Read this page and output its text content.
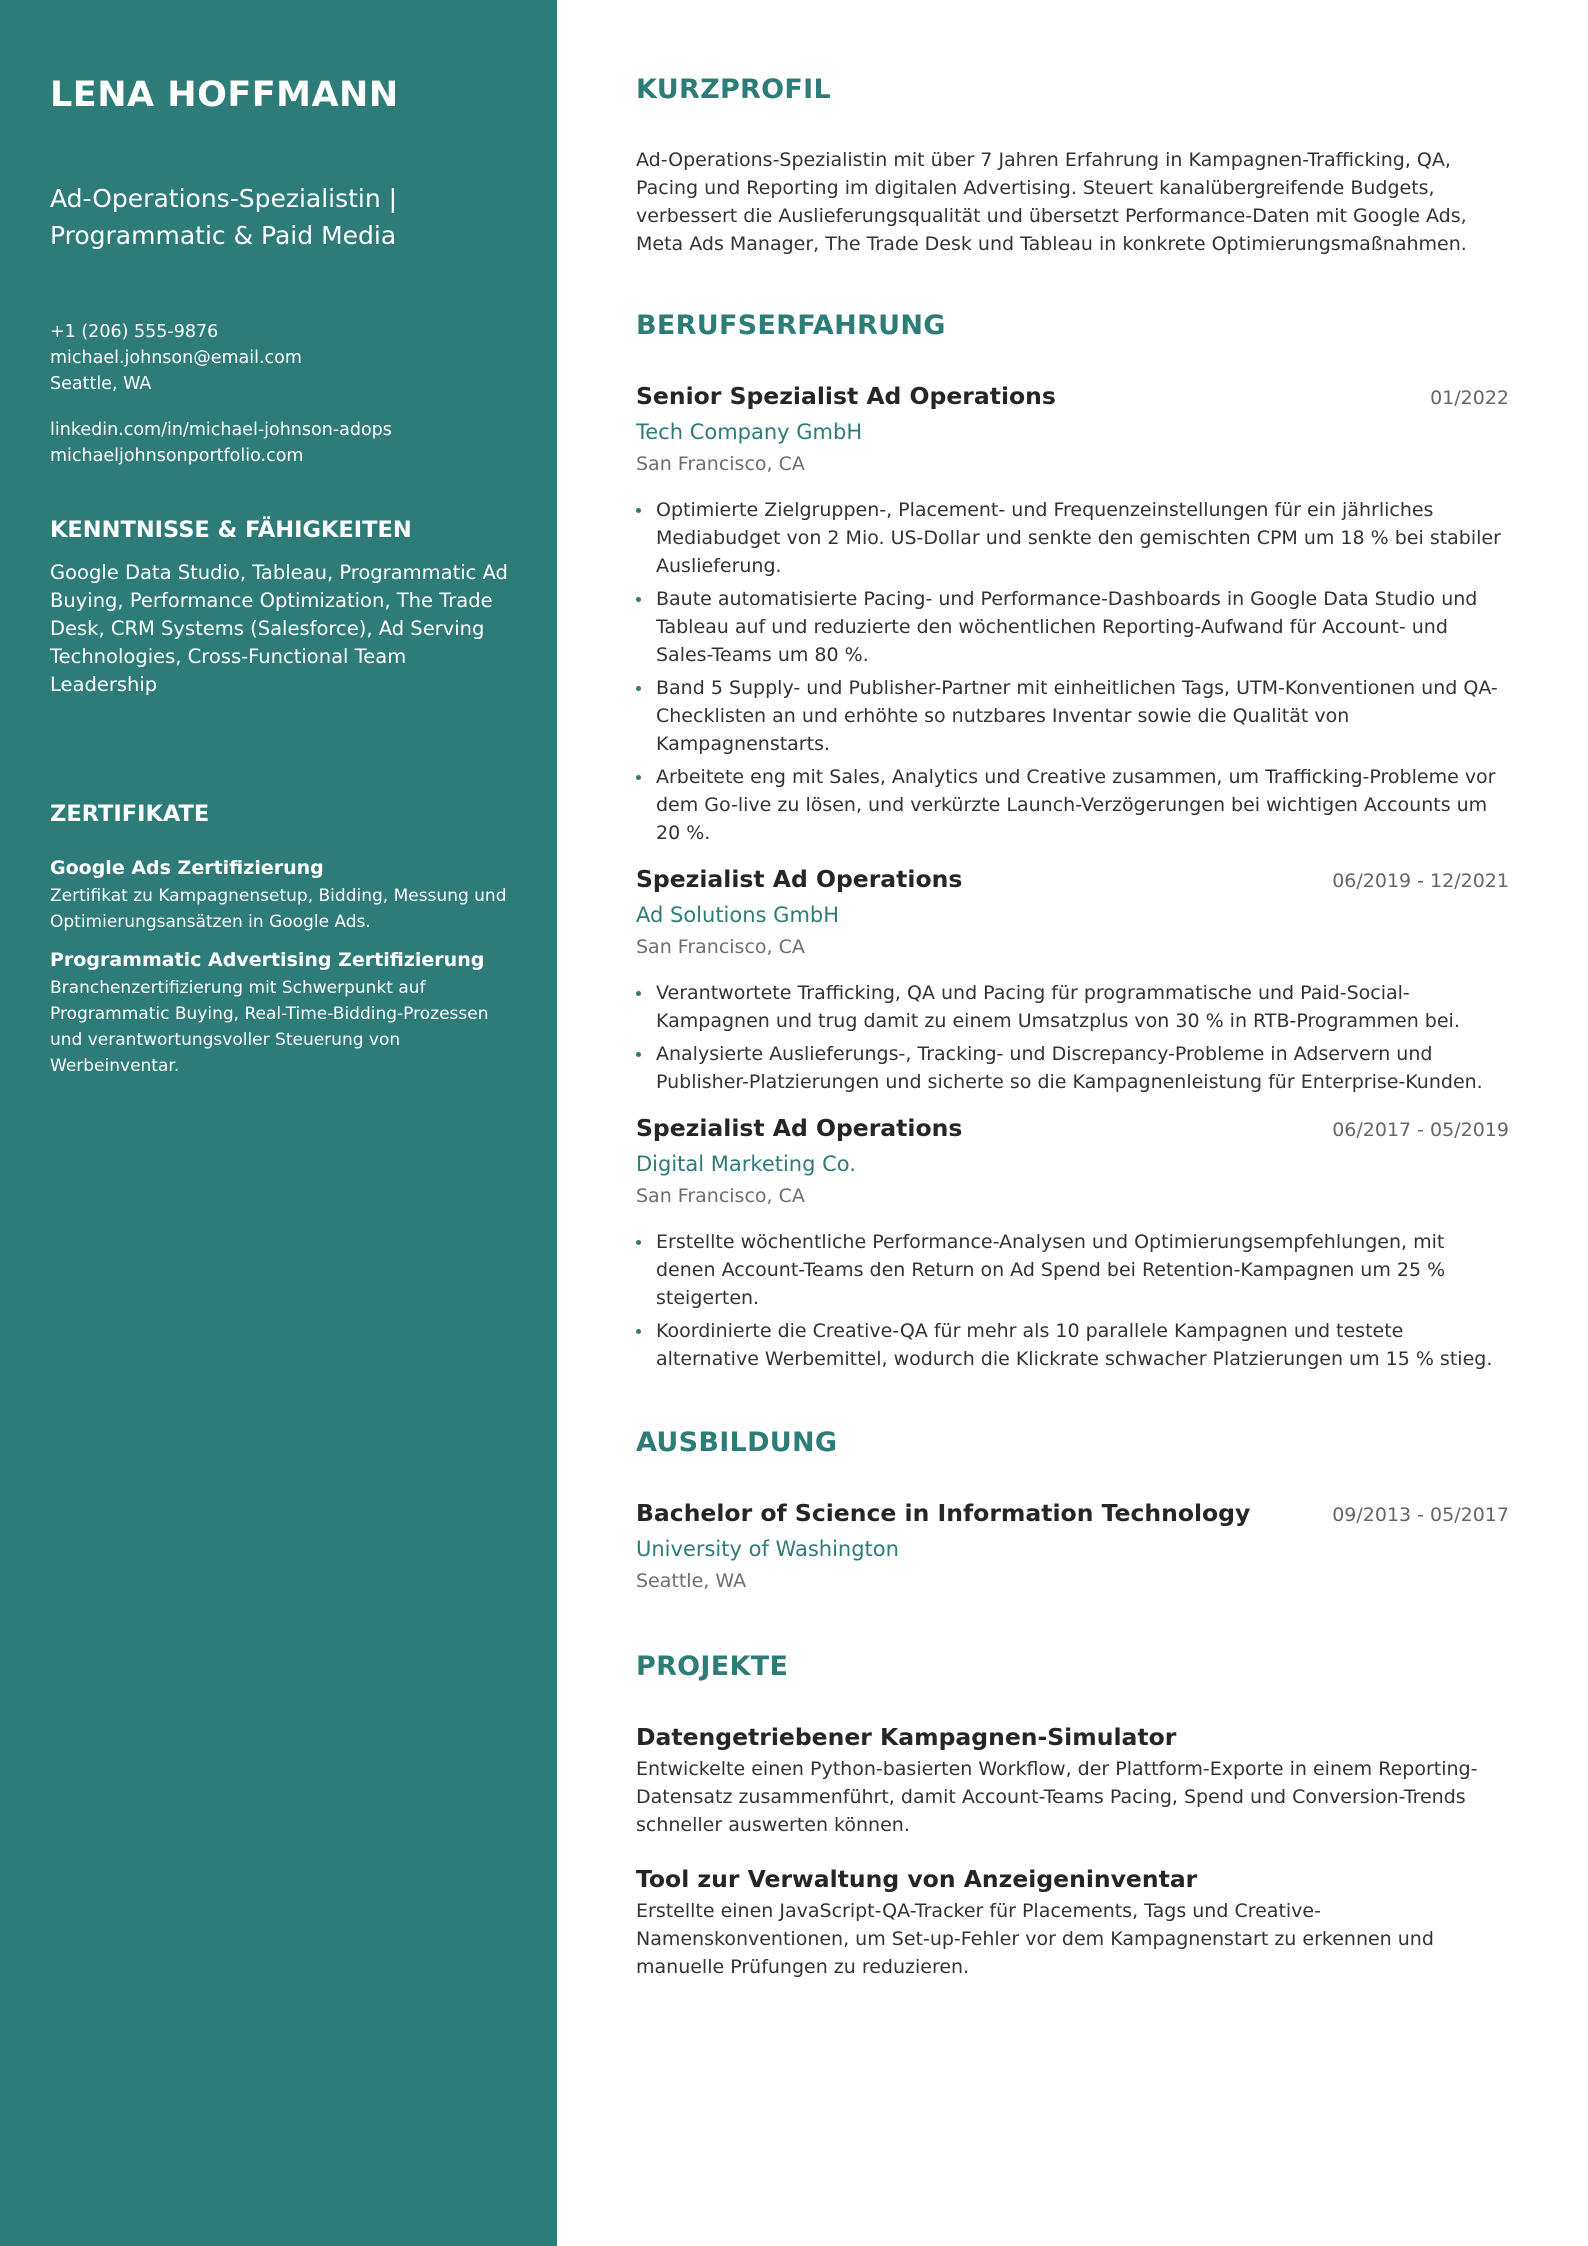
LENA HOFFMANN
Ad-Operations-Spezialistin | Programmatic & Paid Media
+1 (206) 555-9876
michael.johnson@email.com
Seattle, WA
linkedin.com/in/michael-johnson-adops
michaeljohnsonportfolio.com
KENNTNISSE & FÄHIGKEITEN
Google Data Studio, Tableau, Programmatic Ad Buying, Performance Optimization, The Trade Desk, CRM Systems (Salesforce), Ad Serving Technologies, Cross-Functional Team Leadership
ZERTIFIKATE
Google Ads Zertifizierung
Zertifikat zu Kampagnensetup, Bidding, Messung und Optimierungsansätzen in Google Ads.
Programmatic Advertising Zertifizierung
Branchenzertifizierung mit Schwerpunkt auf Programmatic Buying, Real-Time-Bidding-Prozessen und verantwortungsvoller Steuerung von Werbeinventar.
KURZPROFIL
Ad-Operations-Spezialistin mit über 7 Jahren Erfahrung in Kampagnen-Trafficking, QA, Pacing und Reporting im digitalen Advertising. Steuert kanalübergreifende Budgets, verbessert die Auslieferungsqualität und übersetzt Performance-Daten mit Google Ads, Meta Ads Manager, The Trade Desk und Tableau in konkrete Optimierungsmaßnahmen.
BERUFSERFAHRUNG
Senior Spezialist Ad Operations	01/2022
Tech Company GmbH
San Francisco, CA
Optimierte Zielgruppen-, Placement- und Frequenzeinstellungen für ein jährliches Mediabudget von 2 Mio. US-Dollar und senkte den gemischten CPM um 18 % bei stabiler Auslieferung.
Baute automatisierte Pacing- und Performance-Dashboards in Google Data Studio und Tableau auf und reduzierte den wöchentlichen Reporting-Aufwand für Account- und Sales-Teams um 80 %.
Band 5 Supply- und Publisher-Partner mit einheitlichen Tags, UTM-Konventionen und QA-Checklisten an und erhöhte so nutzbares Inventar sowie die Qualität von Kampagnenstarts.
Arbeitete eng mit Sales, Analytics und Creative zusammen, um Trafficking-Probleme vor dem Go-live zu lösen, und verkürzte Launch-Verzögerungen bei wichtigen Accounts um 20 %.
Spezialist Ad Operations	06/2019 - 12/2021
Ad Solutions GmbH
San Francisco, CA
Verantwortete Trafficking, QA und Pacing für programmatische und Paid-Social-Kampagnen und trug damit zu einem Umsatzplus von 30 % in RTB-Programmen bei.
Analysierte Auslieferungs-, Tracking- und Discrepancy-Probleme in Adservern und Publisher-Platzierungen und sicherte so die Kampagnenleistung für Enterprise-Kunden.
Spezialist Ad Operations	06/2017 - 05/2019
Digital Marketing Co.
San Francisco, CA
Erstellte wöchentliche Performance-Analysen und Optimierungsempfehlungen, mit denen Account-Teams den Return on Ad Spend bei Retention-Kampagnen um 25 % steigerten.
Koordinierte die Creative-QA für mehr als 10 parallele Kampagnen und testete alternative Werbemittel, wodurch die Klickrate schwacher Platzierungen um 15 % stieg.
AUSBILDUNG
Bachelor of Science in Information Technology	09/2013 - 05/2017
University of Washington
Seattle, WA
PROJEKTE
Datengetriebener Kampagnen-Simulator
Entwickelte einen Python-basierten Workflow, der Plattform-Exporte in einem Reporting-Datensatz zusammenführt, damit Account-Teams Pacing, Spend und Conversion-Trends schneller auswerten können.
Tool zur Verwaltung von Anzeigeninventar
Erstellte einen JavaScript-QA-Tracker für Placements, Tags und Creative-Namenskonventionen, um Set-up-Fehler vor dem Kampagnenstart zu erkennen und manuelle Prüfungen zu reduzieren.
